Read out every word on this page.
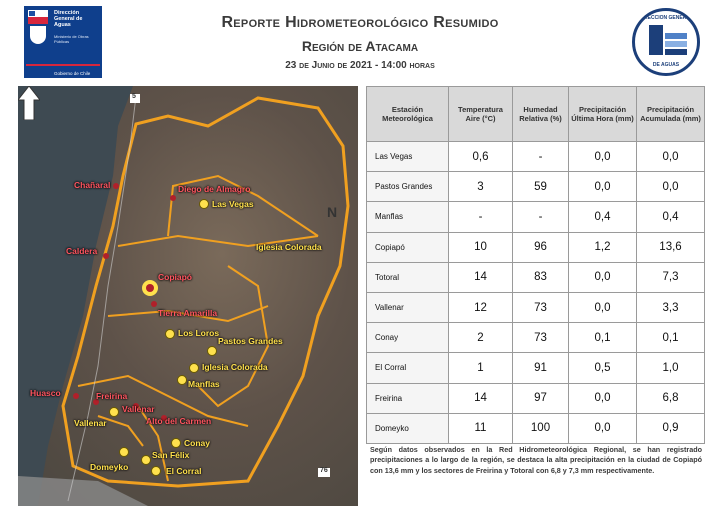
Dirección
General de
Aguas
Ministerio de Obras Públicas
Gobierno de Chile
Reporte Hidrometeorológico Resumido
Región de Atacama
23 de Junio de 2021 - 14:00 horas
DIRECCION GENERAL
DE AGUAS
N
5
76
Chañaral	Diego de Almagro
Caldera
Copiapó
Tierra Amarilla
Huasco	Freirina
Vallenar
Alto del Carmen
Las Vegas
Iglesia Colorada
Los Loros
Pastos Grandes
Iglesia Colorada
Manflas
Vallenar
Conay
San Félix
El Corral
Domeyko
Estación Meteorológica	Temperatura Aire (°C)	Humedad Relativa (%)	Precipitación Última Hora (mm)	Precipitación Acumulada (mm)
Las Vegas	0,6	-	0,0	0,0
Pastos Grandes	3	59	0,0	0,0
Manflas	-	-	0,4	0,4
Copiapó	10	96	1,2	13,6
Totoral	14	83	0,0	7,3
Vallenar	12	73	0,0	3,3
Conay	2	73	0,1	0,1
El Corral	1	91	0,5	1,0
Freirina	14	97	0,0	6,8
Domeyko	11	100	0,0	0,9
Según datos observados en la Red Hidrometeorológica Regional, se han registrado precipitaciones a lo largo de la región, se destaca la alta precipitación en la ciudad de Copiapó con 13,6 mm y los sectores de Freirina y Totoral con 6,8 y 7,3 mm respectivamente.
